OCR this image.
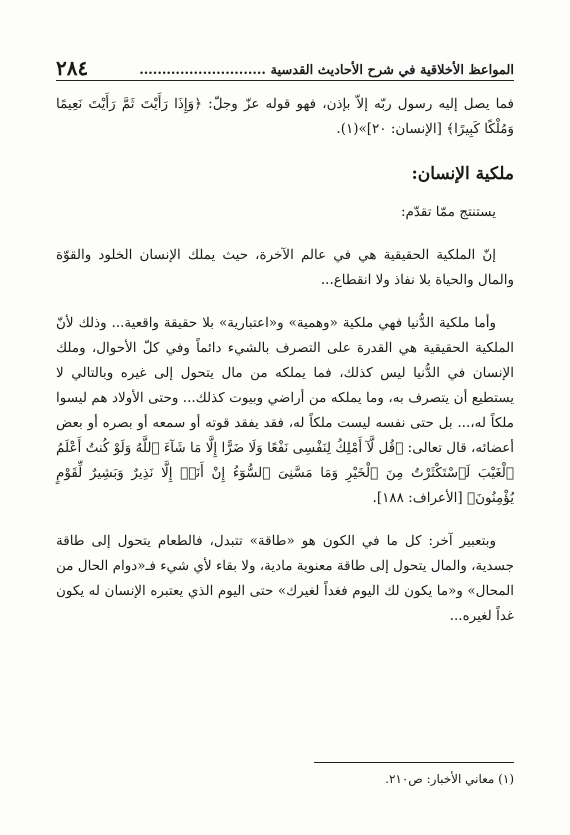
المواعظ الأخلاقية في شرح الأحاديث القدسية ............................
٢٨٤

فما يصل إليه رسول ربّه إلاّ بإذن، فهو قوله عزّ وجلّ: ﴿وَإِذَا رَأَيْتَ ثَمَّ رَأَيْتَ نَعِيمًا وَمُلْكًا كَبِيرًا﴾ [الإنسان: ٢٠]»(١).

ملكية الإنسان:

يستنتج ممّا تقدّم:

إنّ الملكية الحقيقية هي في عالم الآخرة، حيث يملك الإنسان الخلود والقوّة والمال والحياة بلا نفاذ ولا انقطاع...

وأما ملكية الدُّنيا فهي ملكية «وهمية» و«اعتبارية» بلا حقيقة واقعية... وذلك لأنّ الملكية الحقيقية هي القدرة على التصرف بالشيء دائماً وفي كلّ الأحوال، وملك الإنسان في الدُّنيا ليس كذلك، فما يملكه من مال يتحول إلى غيره وبالتالي لا يستطيع أن يتصرف به، وما يملكه من أراضي وبيوت كذلك... وحتى الأولاد هم ليسوا ملكاً له،... بل حتى نفسه ليست ملكاً له، فقد يفقد قوته أو سمعه أو بصره أو بعض أعضائه، قال تعالى: ﴿قُل لَّآ أَمْلِكُ لِنَفْسِى نَفْعًا وَلَا ضَرًّا إِلَّا مَا شَآءَ ٱللَّهُ وَلَوْ كُنتُ أَعْلَمُ ٱلْغَيْبَ لَٱسْتَكْثَرْتُ مِنَ ٱلْخَيْرِ وَمَا مَسَّنِىَ ٱلسُّوٓءُ إِنْ أَنَا۠ إِلَّا نَذِيرٌ وَبَشِيرٌ لِّقَوْمٍ يُؤْمِنُونَ﴾ [الأعراف: ١٨٨].

وبتعبير آخر: كل ما في الكون هو «طاقة» تتبدل، فالطعام يتحول إلى طاقة جسدية، والمال يتحول إلى طاقة معنوية مادية، ولا بقاء لأي شيء فـ«دوام الحال من المحال» و«ما يكون لك اليوم فغداً لغيرك» حتى اليوم الذي يعتبره الإنسان له يكون غداً لغيره...

(١) معاني الأخبار: ص٢١٠.
